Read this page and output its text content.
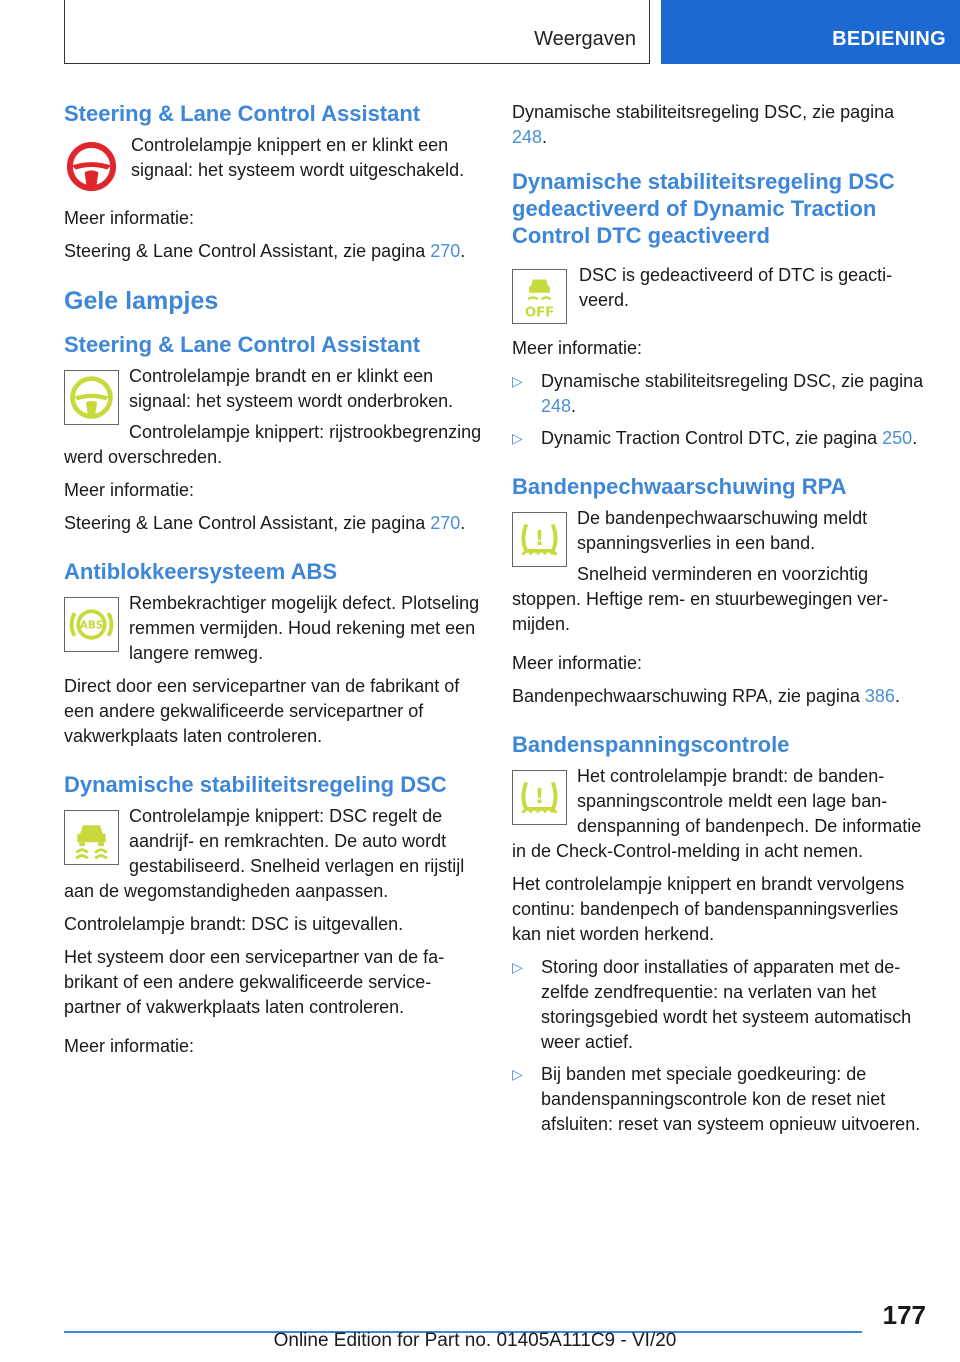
Weergaven	BEDIENING
Steering & Lane Control Assistant
Controlelampje knippert en er klinkt een signaal: het systeem wordt uitgeschakeld.

Meer informatie:

Steering & Lane Control Assistant, zie pagina 270.

Gele lampjes
Steering & Lane Control Assistant

Controlelampje brandt en er klinkt een signaal: het systeem wordt onderbroken.

Controlelampje knippert: rijstrookbegrenzing werd overschreden.

Meer informatie:

Steering & Lane Control Assistant, zie pagina 270.

Antiblokkeersysteem ABS
ABS

Rembekrachtiger mogelijk defect. Plotseling remmen vermijden. Houd rekening met een langere remweg.

Direct door een servicepartner van de fabrikant of een andere gekwalificeerde servicepartner of vakwerkplaats laten controleren.

Dynamische stabiliteitsregeling DSC

Controlelampje knippert: DSC regelt de aandrijf- en remkrachten. De auto wordt gestabiliseerd. Snelheid verlagen en rijstijl aan de wegomstandigheden aanpassen.

Controlelampje brandt: DSC is uitgevallen.

Het systeem door een servicepartner van de fabrikant of een andere gekwalificeerde servicepartner of vakwerkplaats laten controleren.

Meer informatie:

Dynamische stabiliteitsregeling DSC, zie pagina 248.

Dynamische stabiliteitsregeling DSC gedeactiveerd of Dynamic Traction Control DTC geactiveerd
OFF
DSC is gedeactiveerd of DTC is geactiveerd.

Meer informatie:

▷ Dynamische stabiliteitsregeling DSC, zie pagina 248.
▷ Dynamic Traction Control DTC, zie pagina 250.
Bandenpechwaarschuwing RPA
!

De bandenpechwaarschuwing meldt spanningsverlies in een band.

Snelheid verminderen en voorzichtig stoppen. Heftige rem- en stuurbewegingen vermijden.

Meer informatie:

Bandenpechwaarschuwing RPA, zie pagina 386.

Bandenspanningscontrole
!

Het controlelampje brandt: de bandenspanningscontrole meldt een lage bandenspanning of bandenpech. De informatie in de Check-Control-melding in acht nemen.

Het controlelampje knippert en brandt vervolgens continu: bandenpech of bandenspanningsverlies kan niet worden herkend.

▷ Storing door installaties of apparaten met dezelfde zendfrequentie: na verlaten van het storingsgebied wordt het systeem automatisch weer actief.
▷ Bij banden met speciale goedkeuring: de bandenspanningscontrole kon de reset niet afsluiten: reset van systeem opnieuw uitvoeren.
177
Online Edition for Part no. 01405A111C9 - VI/20
